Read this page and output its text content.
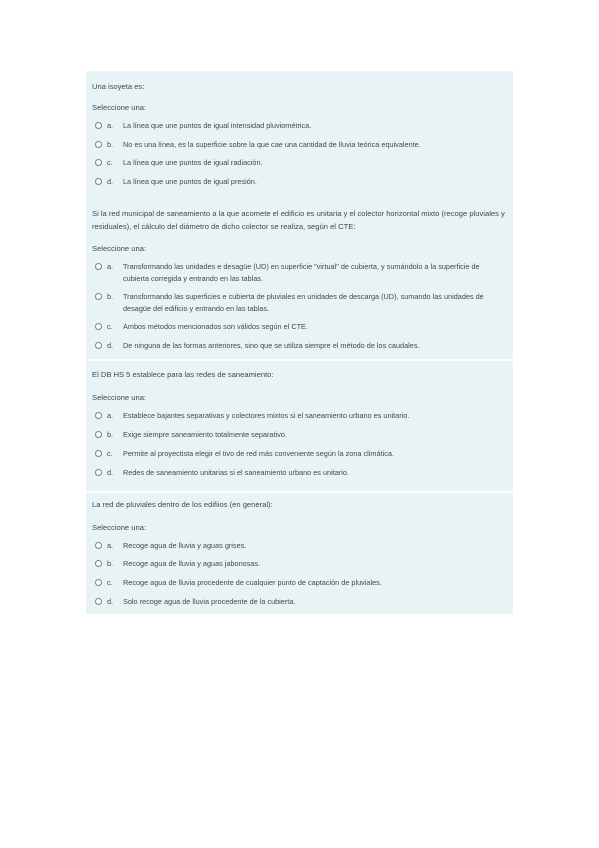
Una isoyeta es:
Seleccione una:
a.	La línea que une puntos de igual intensidad pluviométrica.
b.	No es una línea, es la superficie sobre la que cae una cantidad de lluvia teórica equivalente.
c.	La línea que une puntos de igual radiación.
d.	La línea que une puntos de igual presión.
Si la red municipal de saneamiento a la que acomete el edificio es unitaria y el colector horizontal mixto (recoge pluviales y residuales), el cálculo del diámetro de dicho colector se realiza, según el CTE:
Seleccione una:
a.	Transformando las unidades e desagüe (UD) en superficie "virtual" de cubierta, y sumándolo a la superficie de cubierta corregida y entrando en las tablas.
b.	Transformando las superficies e cubierta de pluviales en unidades de descarga (UD), sumando las unidades de desagüe del edificio y entrando en las tablas.
c.	Ambos métodos mencionados son válidos según el CTE.
d.	De ninguna de las formas anteriores, sino que se utiliza siempre el método de los caudales.
El DB HS 5 establece para las redes de saneamiento:
Seleccione una:
a.	Establece bajantes separativas y colectores mixtos si el saneamiento urbano es unitario.
b.	Exige siempre saneamiento totalmente separativo.
c.	Permite al proyectista elegir el tivo de red más conveniente según la zona climática.
d.	Redes de saneamiento unitarias si el saneamiento urbano es unitario.
La red de pluviales dentro de los edifiios (en general):
Seleccione una:
a.	Recoge agua de lluvia y aguas grises.
b.	Recoge agua de lluvia y aguas jabonosas.
c.	Recoge agua de lluvia procedente de cualquier punto de captación de pluviales.
d.	Solo recoge agua de lluvia procedente de la cubierta.
